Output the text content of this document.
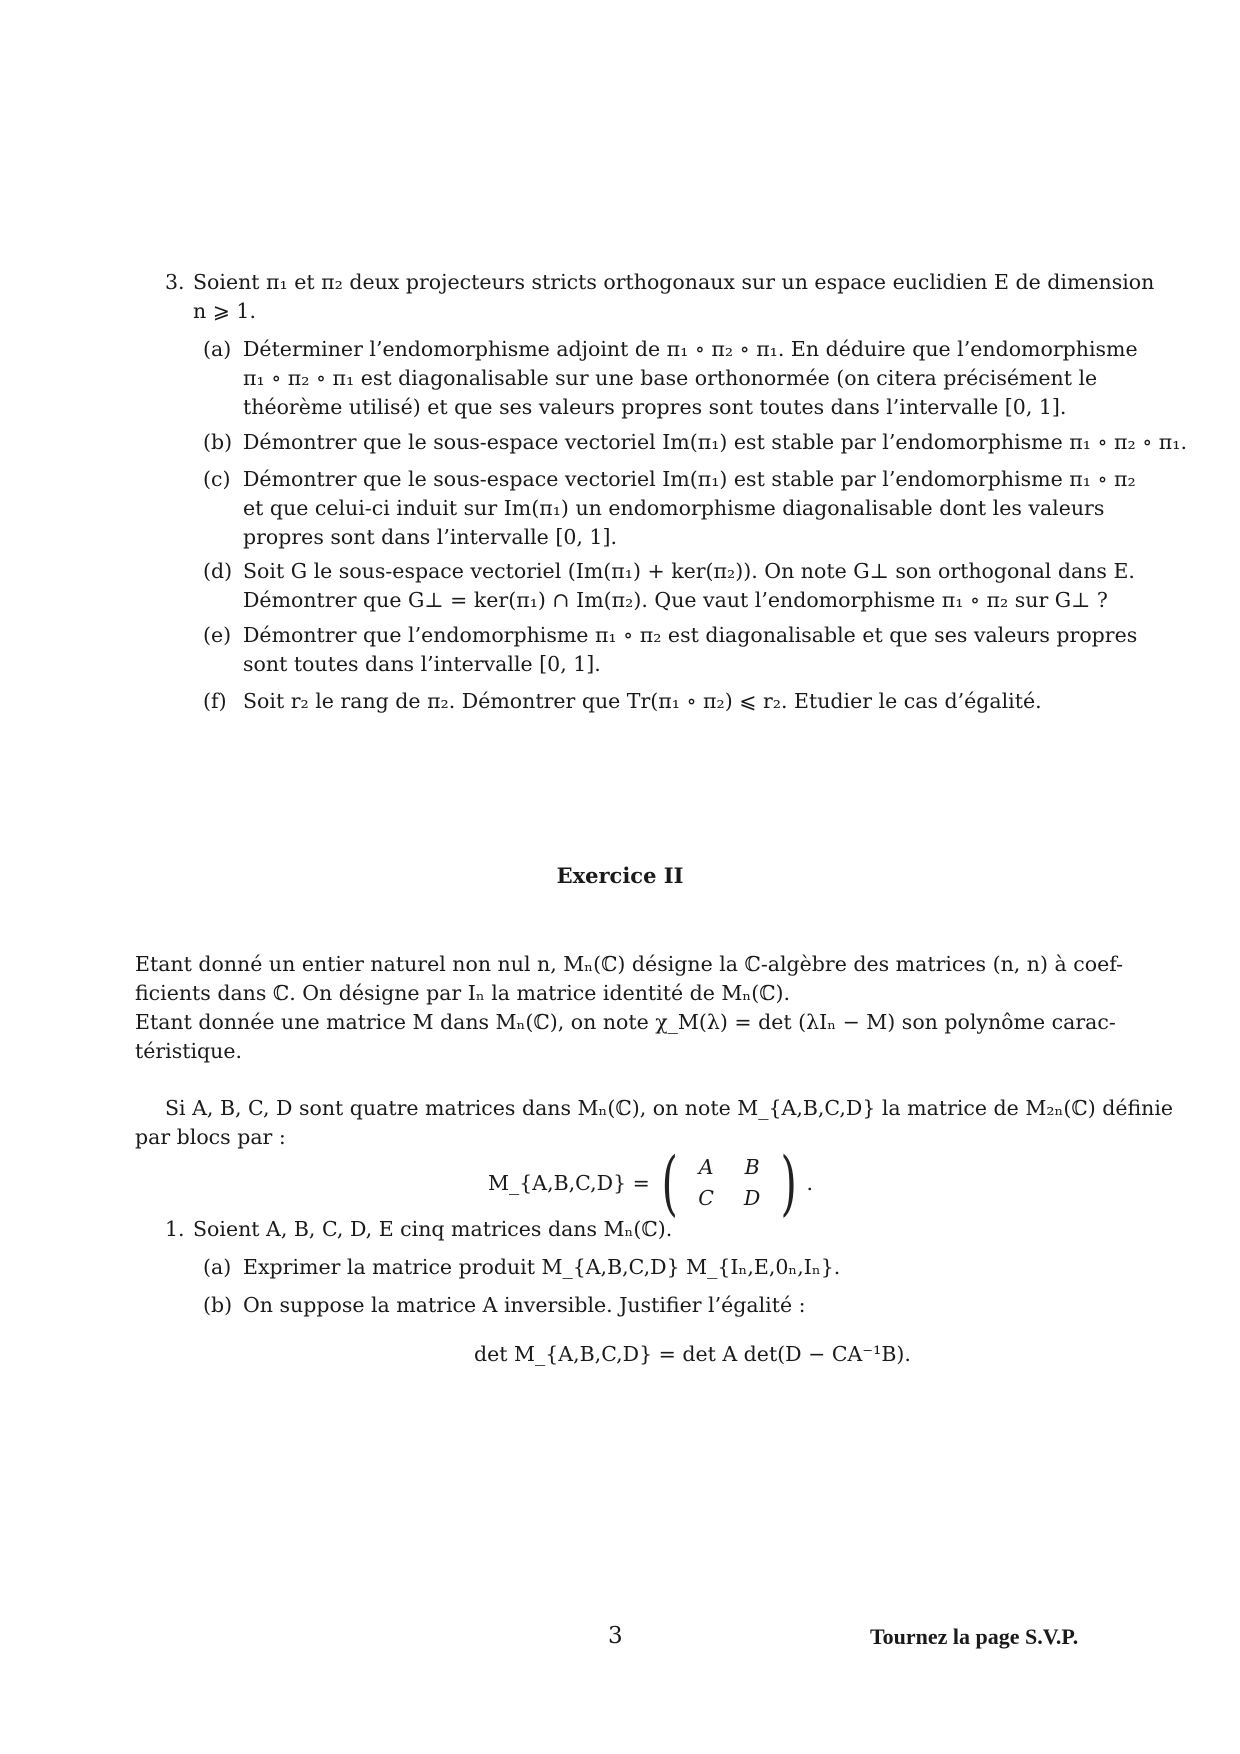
3. Soient π₁ et π₂ deux projecteurs stricts orthogonaux sur un espace euclidien E de dimension
n ⩾ 1.
(a) Déterminer l’endomorphisme adjoint de π₁ ∘ π₂ ∘ π₁. En déduire que l’endomorphisme
π₁ ∘ π₂ ∘ π₁ est diagonalisable sur une base orthonormée (on citera précisément le
théorème utilisé) et que ses valeurs propres sont toutes dans l’intervalle [0, 1].
(b) Démontrer que le sous-espace vectoriel Im(π₁) est stable par l’endomorphisme π₁ ∘ π₂ ∘ π₁.
(c) Démontrer que le sous-espace vectoriel Im(π₁) est stable par l’endomorphisme π₁ ∘ π₂
et que celui-ci induit sur Im(π₁) un endomorphisme diagonalisable dont les valeurs
propres sont dans l’intervalle [0, 1].
(d) Soit G le sous-espace vectoriel (Im(π₁) + ker(π₂)). On note G⊥ son orthogonal dans E.
Démontrer que G⊥ = ker(π₁) ∩ Im(π₂). Que vaut l’endomorphisme π₁ ∘ π₂ sur G⊥ ?
(e) Démontrer que l’endomorphisme π₁ ∘ π₂ est diagonalisable et que ses valeurs propres
sont toutes dans l’intervalle [0, 1].
(f) Soit r₂ le rang de π₂. Démontrer que Tr(π₁ ∘ π₂) ⩽ r₂. Etudier le cas d’égalité.
Exercice II
Etant donné un entier naturel non nul n, Mₙ(ℂ) désigne la ℂ-algèbre des matrices (n, n) à coef-
ficients dans ℂ. On désigne par Iₙ la matrice identité de Mₙ(ℂ).
Etant donnée une matrice M dans Mₙ(ℂ), on note χ_M(λ) = det (λIₙ − M) son polynôme carac-
téristique.
Si A, B, C, D sont quatre matrices dans Mₙ(ℂ), on note M_{A,B,C,D} la matrice de M₂ₙ(ℂ) définie
par blocs par :
M_{A,B,C,D} = (	A	B
C	D ) .
1. Soient A, B, C, D, E cinq matrices dans Mₙ(ℂ).
(a) Exprimer la matrice produit M_{A,B,C,D} M_{Iₙ,E,0ₙ,Iₙ}.
(b) On suppose la matrice A inversible. Justifier l’égalité :
det M_{A,B,C,D} = det A det(D − CA⁻¹B).
3	Tournez la page S.V.P.
